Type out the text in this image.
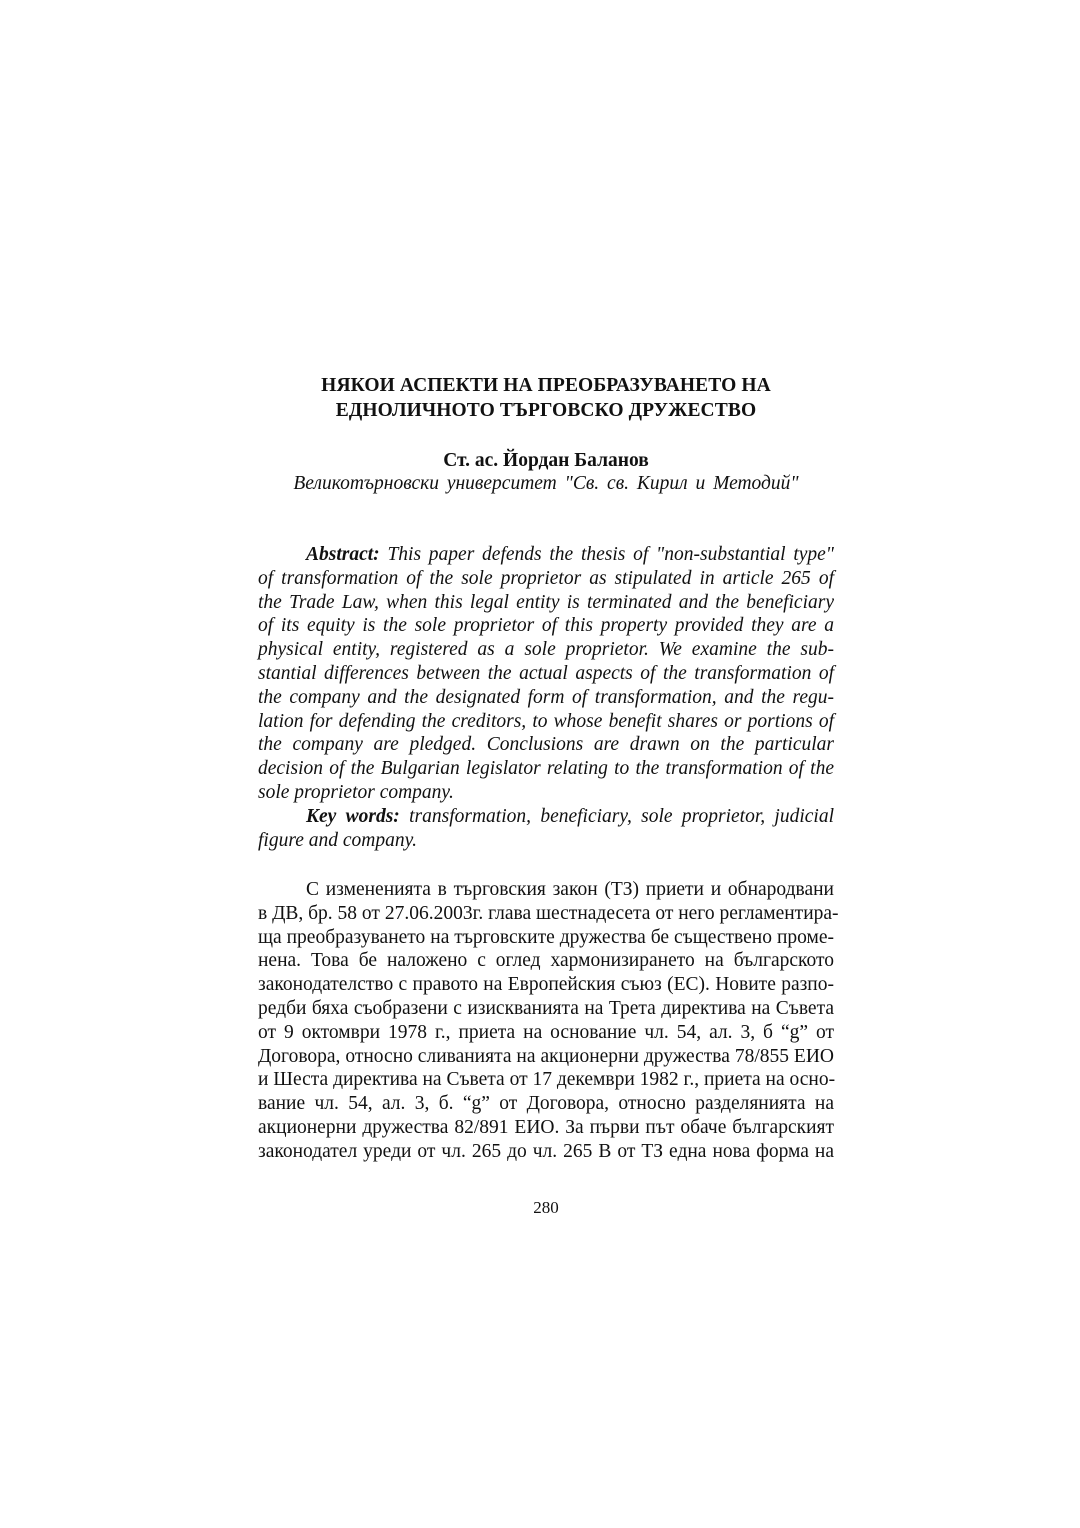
НЯКОИ АСПЕКТИ НА ПРЕОБРАЗУВАНЕТО НА
ЕДНОЛИЧНОТО ТЪРГОВСКО ДРУЖЕСТВО
Ст. ас. Йордан Баланов
Великотърновски университет "Св. св. Кирил и Методий"
Abstract: This paper defends the thesis of "non-substantial type"
of transformation of the sole proprietor as stipulated in article 265 of
the Trade Law, when this legal entity is terminated and the beneficiary
of its equity is the sole proprietor of this property provided they are a
physical entity, registered as a sole proprietor. We examine the sub-
stantial differences between the actual aspects of the transformation of
the company and the designated form of transformation, and the regu-
lation for defending the creditors, to whose benefit shares or portions of
the company are pledged. Conclusions are drawn on the particular
decision of the Bulgarian legislator relating to the transformation of the
sole proprietor company.
Key words: transformation, beneficiary, sole proprietor, judicial
figure and company.
С измененията в търговския закон (ТЗ) приети и обнародвани
в ДВ, бр. 58 от 27.06.2003г. глава шестнадесета от него регламентира-
ща преобразуването на търговските дружества бе съществено проме-
нена. Това бе наложено с оглед хармонизирането на българското
законодателство с правото на Европейския съюз (ЕС). Новите разпо-
редби бяха съобразени с изискванията на Трета директива на Съвета
от 9 октомври 1978 г., приета на основание чл. 54, ал. 3, б “g” от
Договора, относно сливанията на акционерни дружества 78/855 ЕИО
и Шеста директива на Съвета от 17 декември 1982 г., приета на осно-
вание чл. 54, ал. 3, б. “g” от Договора, относно разделянията на
акционерни дружества 82/891 ЕИО. За първи път обаче българският
законодател уреди от чл. 265 до чл. 265 В от ТЗ една нова форма на
280
